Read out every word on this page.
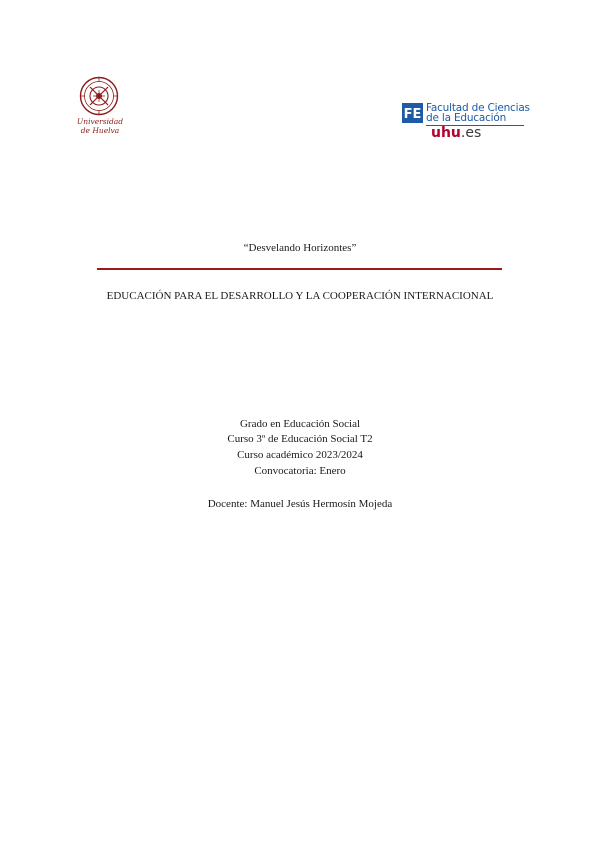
Universidad
de Huelva
FE Facultad de Ciencias
de la Educación
uhu.es
“Desvelando Horizontes”
EDUCACIÓN PARA EL DESARROLLO Y LA COOPERACIÓN INTERNACIONAL
Grado en Educación Social
Curso 3º de Educación Social T2
Curso académico 2023/2024
Convocatoria: Enero
Docente: Manuel Jesús Hermosín Mojeda
